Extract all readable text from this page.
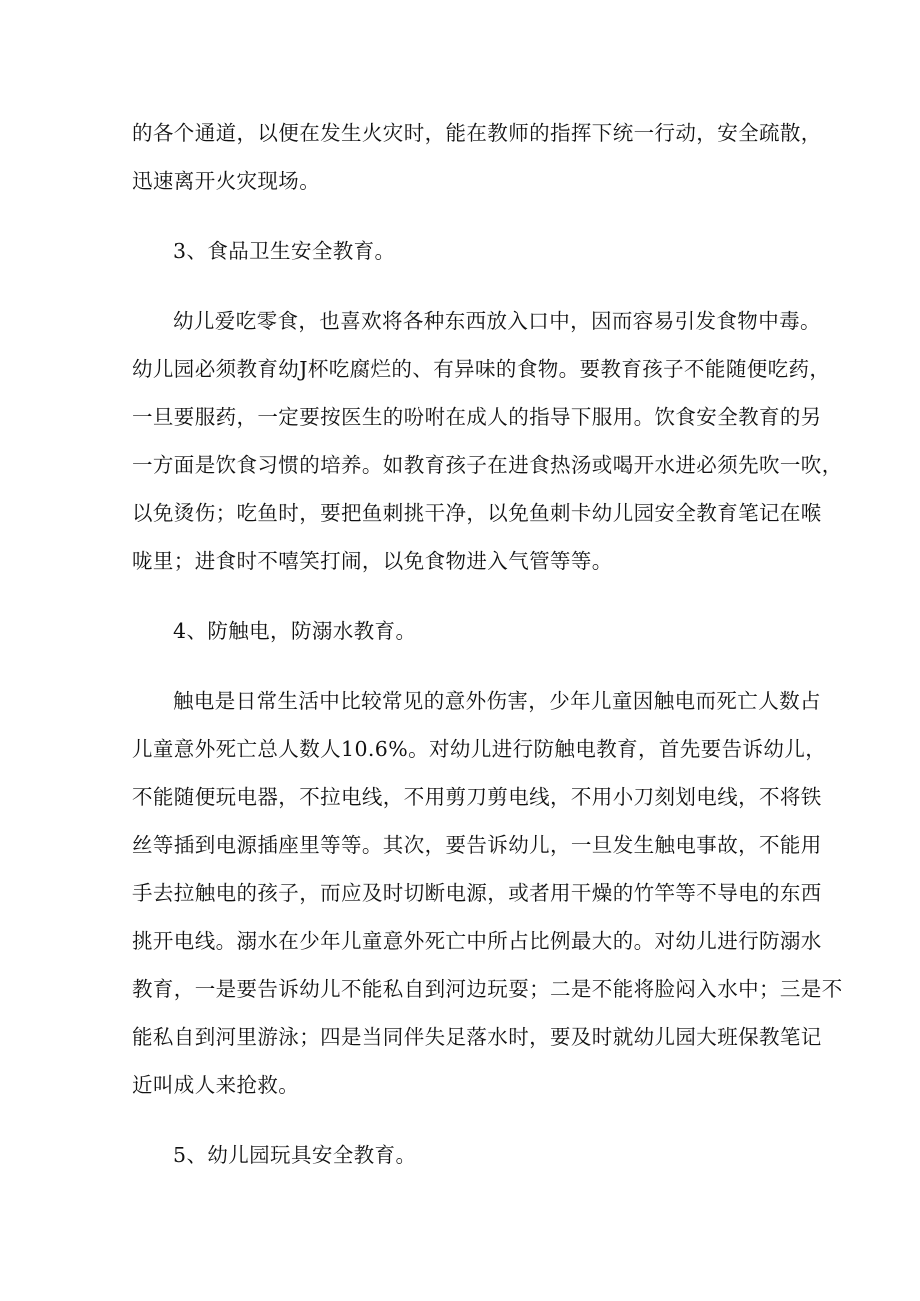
的各个通道，以便在发生火灾时，能在教师的指挥下统一行动，安全疏散，
迅速离开火灾现场。
3、食品卫生安全教育。
幼儿爱吃零食，也喜欢将各种东西放入口中，因而容易引发食物中毒。
幼儿园必须教育幼J杯吃腐烂的、有异味的食物。要教育孩子不能随便吃药，
一旦要服药，一定要按医生的吩咐在成人的指导下服用。饮食安全教育的另
一方面是饮食习惯的培养。如教育孩子在进食热汤或喝开水进必须先吹一吹，
以免烫伤；吃鱼时，要把鱼刺挑干净，以免鱼刺卡幼儿园安全教育笔记在喉
咙里；进食时不嘻笑打闹，以免食物进入气管等等。
4、防触电，防溺水教育。
触电是日常生活中比较常见的意外伤害，少年儿童因触电而死亡人数占
儿童意外死亡总人数人10.6%。对幼儿进行防触电教育，首先要告诉幼儿，
不能随便玩电器，不拉电线，不用剪刀剪电线，不用小刀刻划电线，不将铁
丝等插到电源插座里等等。其次，要告诉幼儿，一旦发生触电事故，不能用
手去拉触电的孩子，而应及时切断电源，或者用干燥的竹竿等不导电的东西
挑开电线。溺水在少年儿童意外死亡中所占比例最大的。对幼儿进行防溺水
教育，一是要告诉幼儿不能私自到河边玩耍；二是不能将脸闷入水中；三是不
能私自到河里游泳；四是当同伴失足落水时，要及时就幼儿园大班保教笔记
近叫成人来抢救。
5、幼儿园玩具安全教育。
